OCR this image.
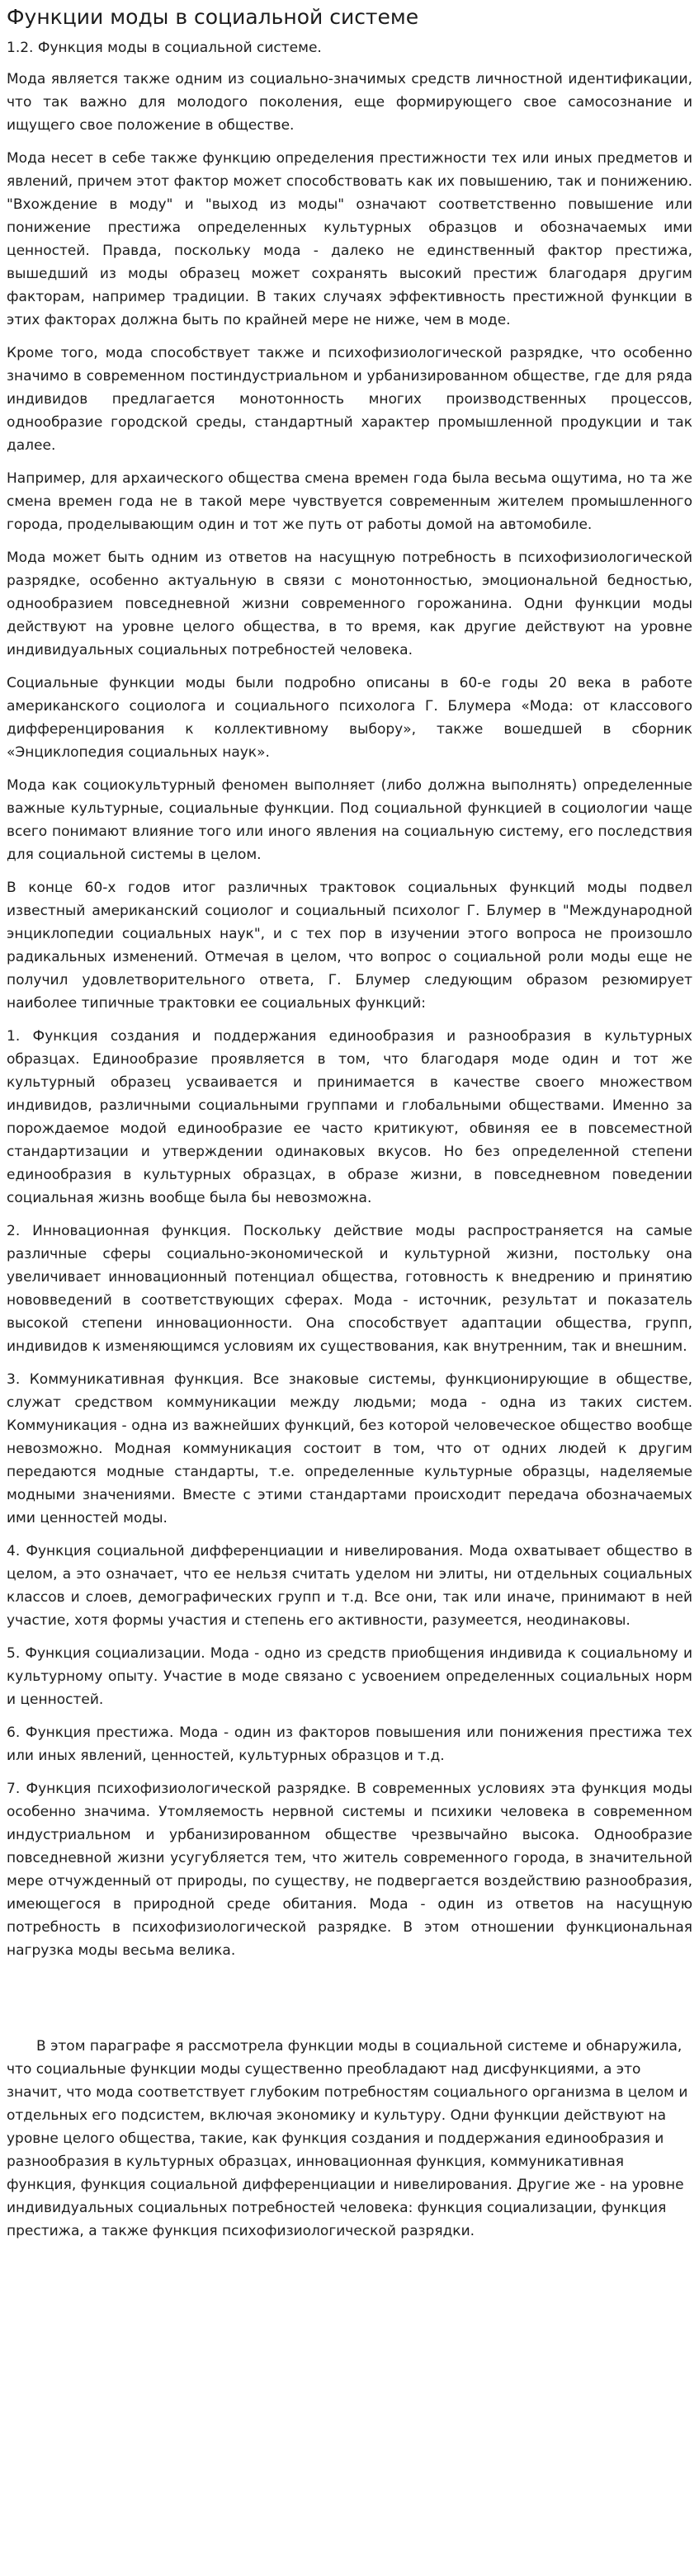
Функции моды в социальной системе
1.2. Функция моды в социальной системе.

Мода является также одним из социально-значимых средств личностной идентификации, что так важно для молодого поколения, еще формирующего свое самосознание и ищущего свое положение в обществе.

Мода несет в себе также функцию определения престижности тех или иных предметов и явлений, причем этот фактор может способствовать как их повышению, так и понижению. "Вхождение в моду" и "выход из моды" означают соответственно повышение или понижение престижа определенных культурных образцов и обозначаемых ими ценностей. Правда, поскольку мода - далеко не единственный фактор престижа, вышедший из моды образец может сохранять высокий престиж благодаря другим факторам, например традиции. В таких случаях эффективность престижной функции в этих факторах должна быть по крайней мере не ниже, чем в моде.

Кроме того, мода способствует также и психофизиологической разрядке, что особенно значимо в современном постиндустриальном и урбанизированном обществе, где для ряда индивидов предлагается монотонность многих производственных процессов, однообразие городской среды, стандартный характер промышленной продукции и так далее.

Например, для архаического общества смена времен года была весьма ощутима, но та же смена времен года не в такой мере чувствуется современным жителем промышленного города, проделывающим один и тот же путь от работы домой на автомобиле.

Мода может быть одним из ответов на насущную потребность в психофизиологической разрядке, особенно актуальную в связи с монотонностью, эмоциональной бедностью, однообразием повседневной жизни современного горожанина. Одни функции моды действуют на уровне целого общества, в то время, как другие действуют на уровне индивидуальных социальных потребностей человека.

Социальные функции моды были подробно описаны в 60-е годы 20 века в работе американского социолога и социального психолога Г. Блумера «Мода: от классового дифференцирования к коллективному выбору», также вошедшей в сборник «Энциклопедия социальных наук».

Мода как социокультурный феномен выполняет (либо должна выполнять) определенные важные культурные, социальные функции. Под социальной функцией в социологии чаще всего понимают влияние того или иного явления на социальную систему, его последствия для социальной системы в целом.

В конце 60-х годов итог различных трактовок социальных функций моды подвел известный американский социолог и социальный психолог Г. Блумер в "Международной энциклопедии социальных наук", и с тех пор в изучении этого вопроса не произошло радикальных изменений. Отмечая в целом, что вопрос о социальной роли моды еще не получил удовлетворительного ответа, Г. Блумер следующим образом резюмирует наиболее типичные трактовки ее социальных функций:

1. Функция создания и поддержания единообразия и разнообразия в культурных образцах. Единообразие проявляется в том, что благодаря моде один и тот же культурный образец усваивается и принимается в качестве своего множеством индивидов, различными социальными группами и глобальными обществами. Именно за порождаемое модой единообразие ее часто критикуют, обвиняя ее в повсеместной стандартизации и утверждении одинаковых вкусов. Но без определенной степени единообразия в культурных образцах, в образе жизни, в повседневном поведении социальная жизнь вообще была бы невозможна.

2. Инновационная функция. Поскольку действие моды распространяется на самые различные сферы социально-экономической и культурной жизни, постольку она увеличивает инновационный потенциал общества, готовность к внедрению и принятию нововведений в соответствующих сферах. Мода - источник, результат и показатель высокой степени инновационности. Она способствует адаптации общества, групп, индивидов к изменяющимся условиям их существования, как внутренним, так и внешним.

3. Коммуникативная функция. Все знаковые системы, функционирующие в обществе, служат средством коммуникации между людьми; мода - одна из таких систем. Коммуникация - одна из важнейших функций, без которой человеческое общество вообще невозможно. Модная коммуникация состоит в том, что от одних людей к другим передаются модные стандарты, т.е. определенные культурные образцы, наделяемые модными значениями. Вместе с этими стандартами происходит передача обозначаемых ими ценностей моды.

4. Функция социальной дифференциации и нивелирования. Мода охватывает общество в целом, а это означает, что ее нельзя считать уделом ни элиты, ни отдельных социальных классов и слоев, демографических групп и т.д. Все они, так или иначе, принимают в ней участие, хотя формы участия и степень его активности, разумеется, неодинаковы.

5. Функция социализации. Мода - одно из средств приобщения индивида к социальному и культурному опыту. Участие в моде связано с усвоением определенных социальных норм и ценностей.

6. Функция престижа. Мода - один из факторов повышения или понижения престижа тех или иных явлений, ценностей, культурных образцов и т.д.

7. Функция психофизиологической разрядке. В современных условиях эта функция моды особенно значима. Утомляемость нервной системы и психики человека в современном индустриальном и урбанизированном обществе чрезвычайно высока. Однообразие повседневной жизни усугубляется тем, что житель современного города, в значительной мере отчужденный от природы, по существу, не подвергается воздействию разнообразия, имеющегося в природной среде обитания. Мода - один из ответов на насущную потребность в психофизиологической разрядке. В этом отношении функциональная нагрузка моды весьма велика.

В этом параграфе я рассмотрела функции моды в социальной системе и обнаружила, что социальные функции моды существенно преобладают над дисфункциями, а это значит, что мода соответствует глубоким потребностям социального организма в целом и отдельных его подсистем, включая экономику и культуру. Одни функции действуют на уровне целого общества, такие, как функция создания и поддержания единообразия и разнообразия в культурных образцах, инновационная функция, коммуникативная функция, функция социальной дифференциации и нивелирования. Другие же - на уровне индивидуальных социальных потребностей человека: функция социализации, функция престижа, а также функция психофизиологической разрядки.
